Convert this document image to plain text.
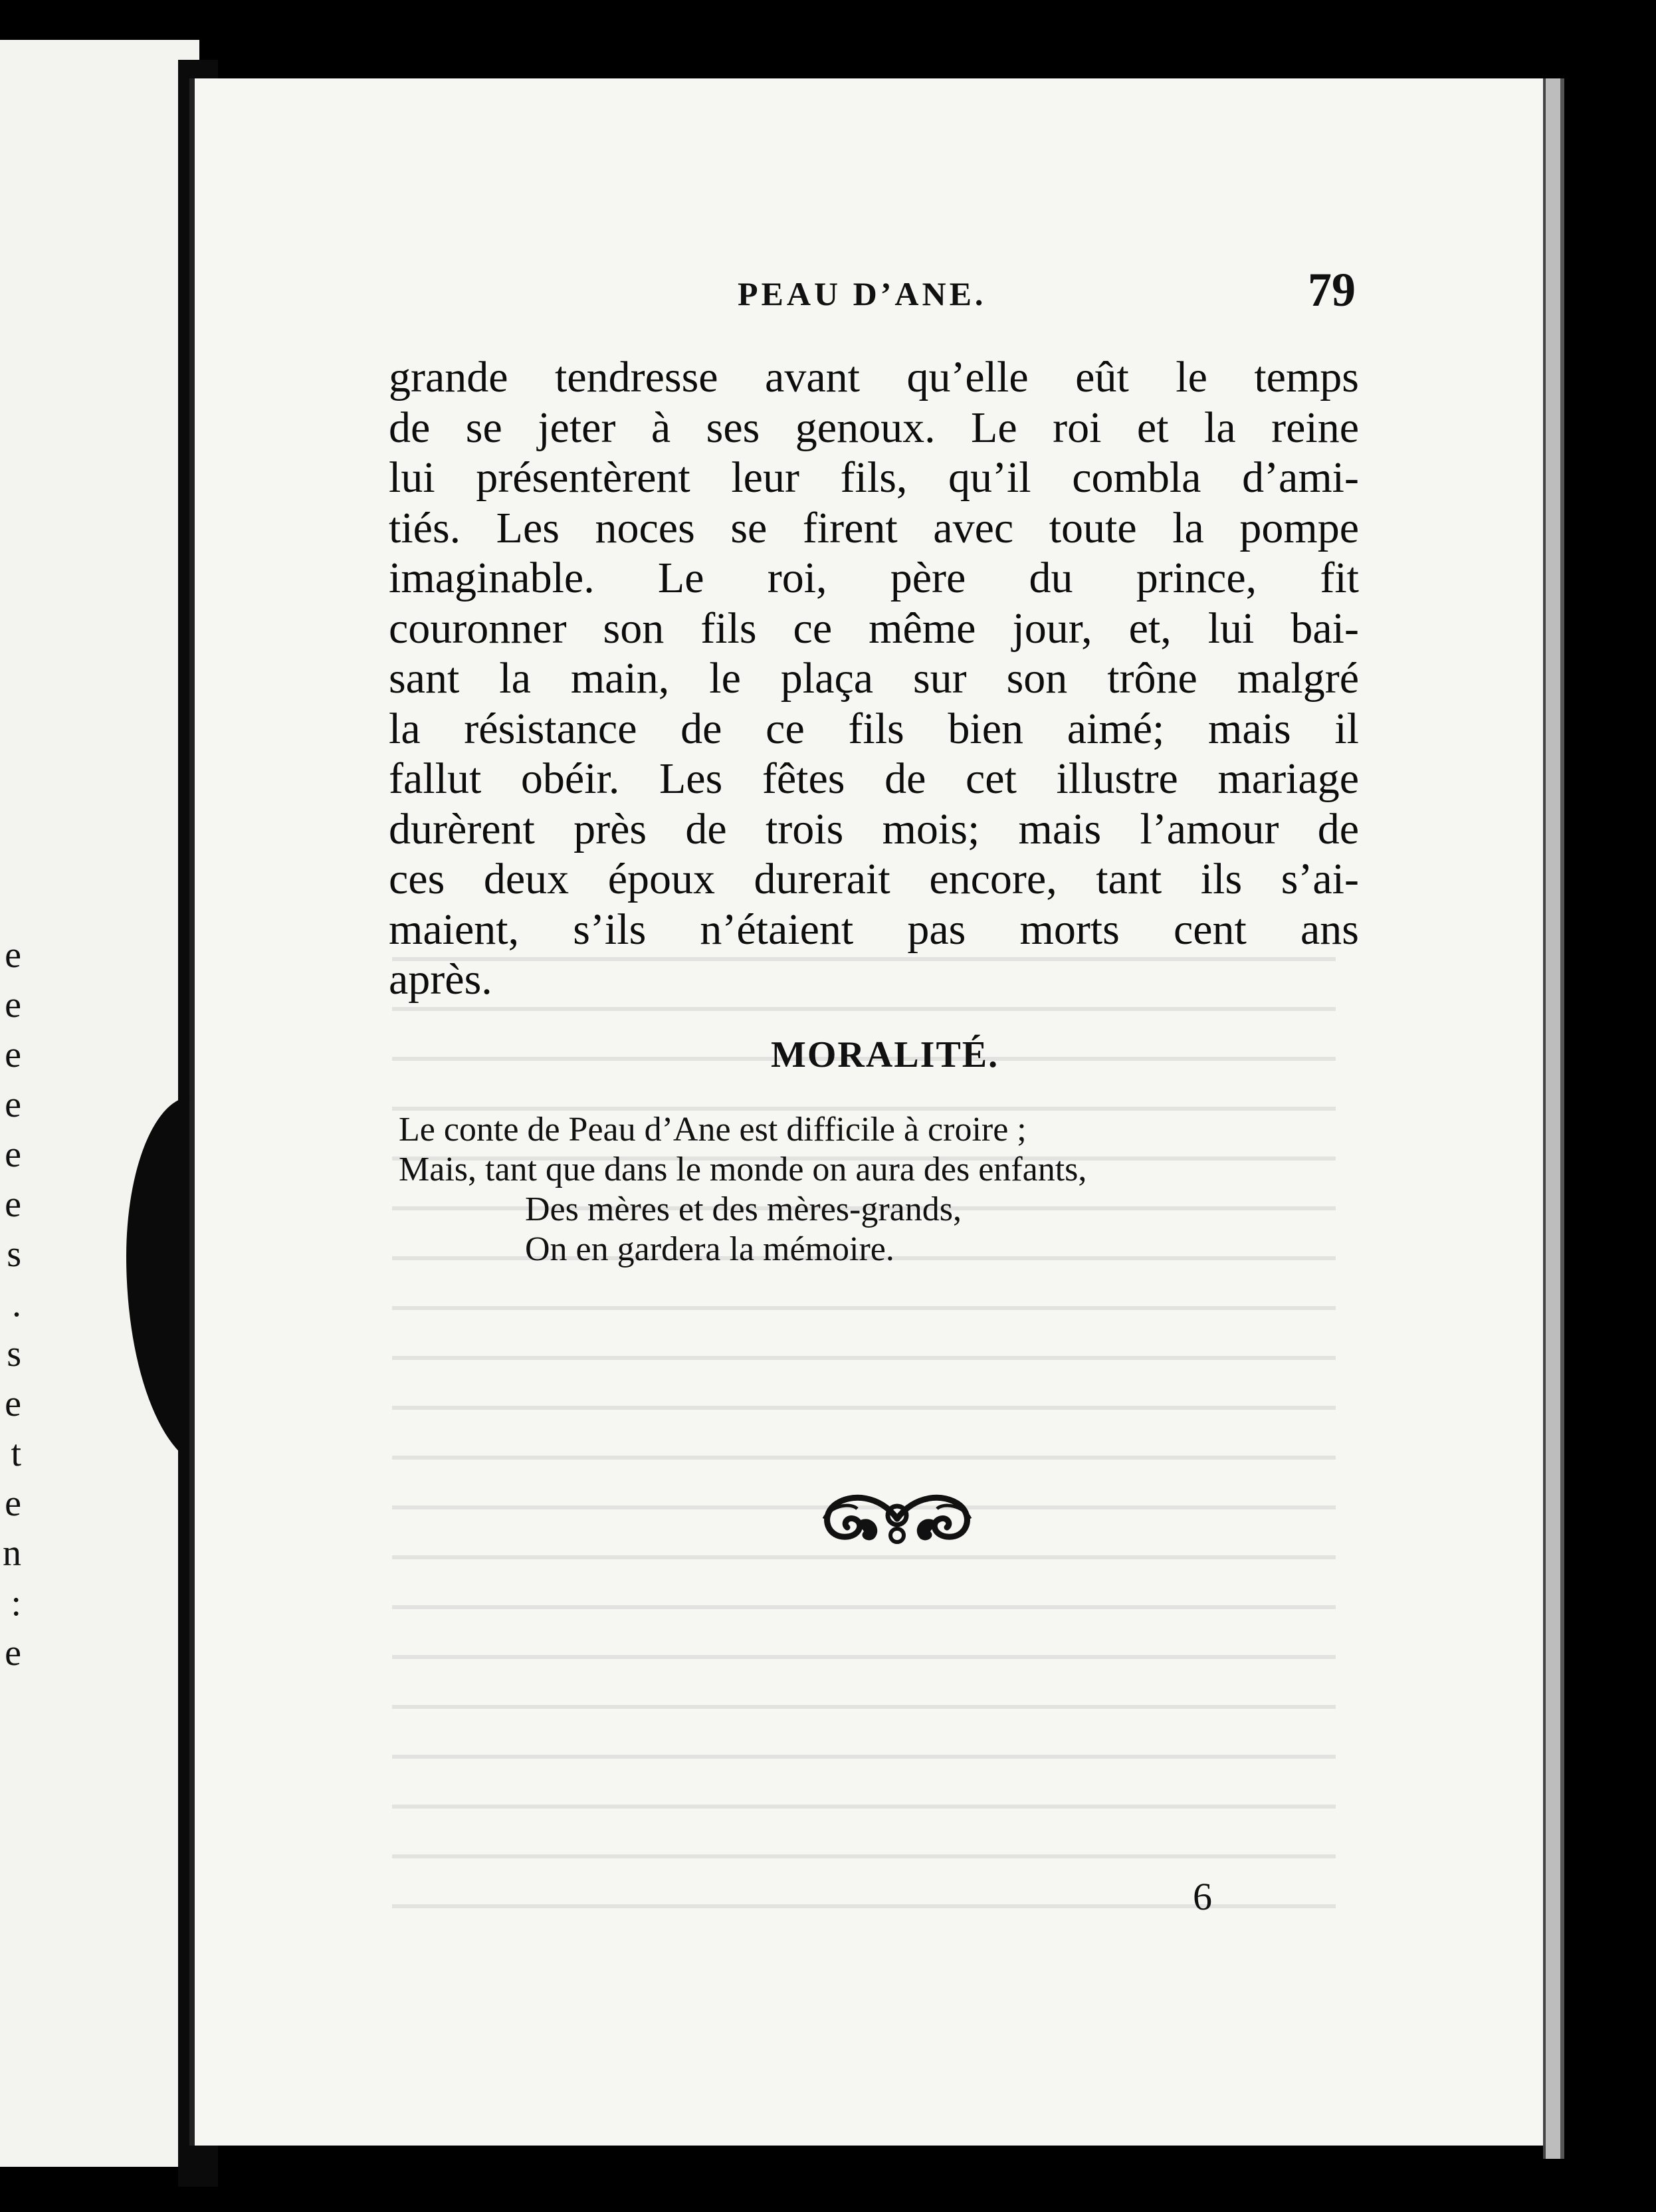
e
e
e
e
e
e
s
.
s
e
t
e
n
:
e
PEAU D’ANE.	79
grande tendresse avant qu’elle eût le temps
de se jeter à ses genoux. Le roi et la reine
lui présentèrent leur fils, qu’il combla d’ami-
tiés. Les noces se firent avec toute la pompe
imaginable. Le roi, père du prince, fit
couronner son fils ce même jour, et, lui bai-
sant la main, le plaça sur son trône malgré
la résistance de ce fils bien aimé; mais il
fallut obéir. Les fêtes de cet illustre mariage
durèrent près de trois mois; mais l’amour de
ces deux époux durerait encore, tant ils s’ai-
maient, s’ils n’étaient pas morts cent ans
après.
MORALITÉ.
Le conte de Peau d’Ane est difficile à croire ;
Mais, tant que dans le monde on aura des enfants,
Des mères et des mères-grands,
On en gardera la mémoire.
6
